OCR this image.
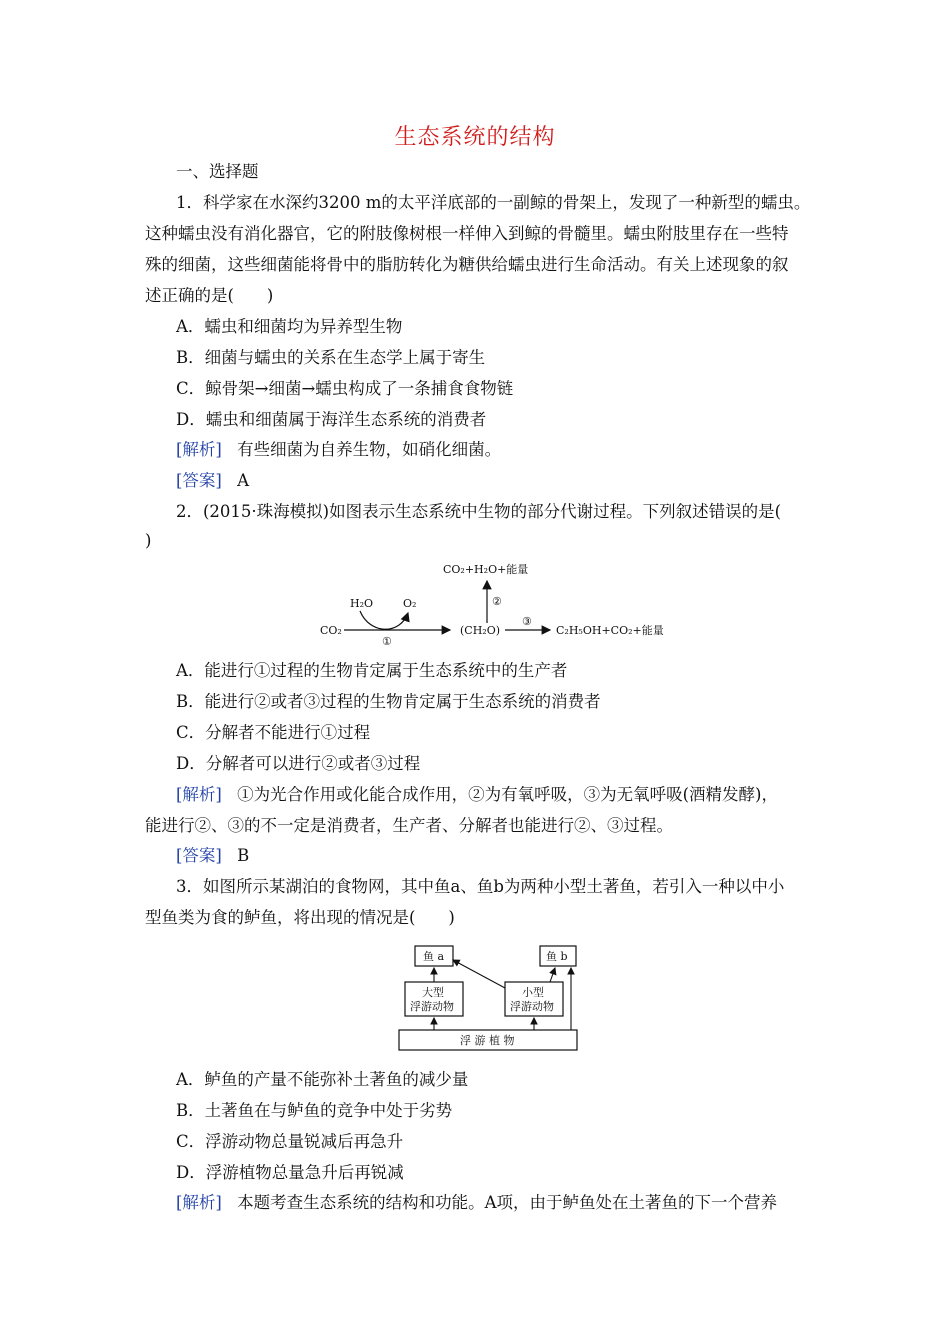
生态系统的结构
一、选择题
1．科学家在水深约3200 m的太平洋底部的一副鲸的骨架上，发现了一种新型的蠕虫。
这种蠕虫没有消化器官，它的附肢像树根一样伸入到鲸的骨髓里。蠕虫附肢里存在一些特
殊的细菌，这些细菌能将骨中的脂肪转化为糖供给蠕虫进行生命活动。有关上述现象的叙
述正确的是(　　)
A．蠕虫和细菌均为异养型生物
B．细菌与蠕虫的关系在生态学上属于寄生
C．鲸骨架→细菌→蠕虫构成了一条捕食食物链
D．蠕虫和细菌属于海洋生态系统的消费者
[解析] 有些细菌为自养生物，如硝化细菌。
[答案] A
2．(2015·珠海模拟)如图表示生态系统中生物的部分代谢过程。下列叙述错误的是(
)
CO₂+H₂O+能量
②
H₂O	O₂
CO₂
①
(CH₂O)
③
C₂H₅OH+CO₂+能量
A．能进行①过程的生物肯定属于生态系统中的生产者
B．能进行②或者③过程的生物肯定属于生态系统的消费者
C．分解者不能进行①过程
D．分解者可以进行②或者③过程
[解析] ①为光合作用或化能合成作用，②为有氧呼吸，③为无氧呼吸(酒精发酵)，
能进行②、③的不一定是消费者，生产者、分解者也能进行②、③过程。
[答案] B
3．如图所示某湖泊的食物网，其中鱼a、鱼b为两种小型土著鱼，若引入一种以中小
型鱼类为食的鲈鱼，将出现的情况是(　　)
鱼 a	鱼 b
大型
浮游动物
小型
浮游动物
浮 游 植 物
A．鲈鱼的产量不能弥补土著鱼的减少量
B．土著鱼在与鲈鱼的竞争中处于劣势
C．浮游动物总量锐减后再急升
D．浮游植物总量急升后再锐减
[解析] 本题考查生态系统的结构和功能。A项，由于鲈鱼处在土著鱼的下一个营养
